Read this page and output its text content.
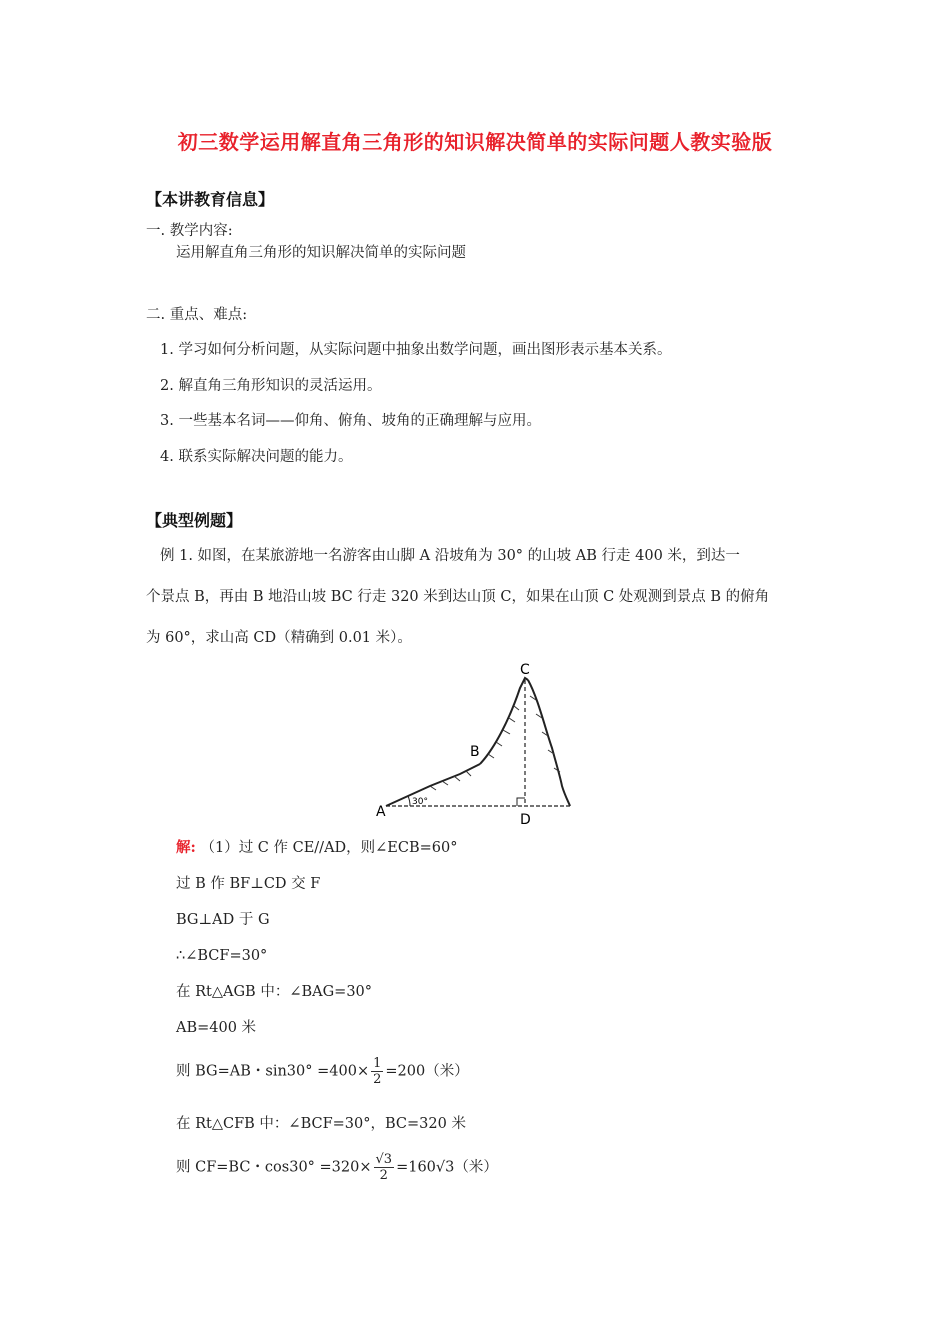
初三数学运用解直角三角形的知识解决简单的实际问题人教实验版
【本讲教育信息】
一. 教学内容:
运用解直角三角形的知识解决简单的实际问题
二. 重点、难点:
1. 学习如何分析问题，从实际问题中抽象出数学问题，画出图形表示基本关系。
2. 解直角三角形知识的灵活运用。
3. 一些基本名词——仰角、俯角、坡角的正确理解与应用。
4. 联系实际解决问题的能力。
【典型例题】
例 1. 如图，在某旅游地一名游客由山脚 A 沿坡角为 30° 的山坡 AB 行走 400 米，到达一
个景点 B，再由 B 地沿山坡 BC 行走 320 米到达山顶 C，如果在山顶 C 处观测到景点 B 的俯角
为 60°，求山高 CD（精确到 0.01 米）。
30°
C
B
A	D
解: （1）过 C 作 CE//AD，则∠ECB=60°
过 B 作 BF⊥CD 交 F
BG⊥AD 于 G
∴∠BCF=30°
在 Rt△AGB 中：∠BAG=30°
AB=400 米
则 BG=AB・$\sin 30^\circ =400\times \frac{1}{2} =200$（米）
在 Rt△CFB 中：∠BCF=30°，BC=320 米
则 CF=BC・$\cos 30^\circ =320\times \frac{√3}{2} =160√3$（米）
